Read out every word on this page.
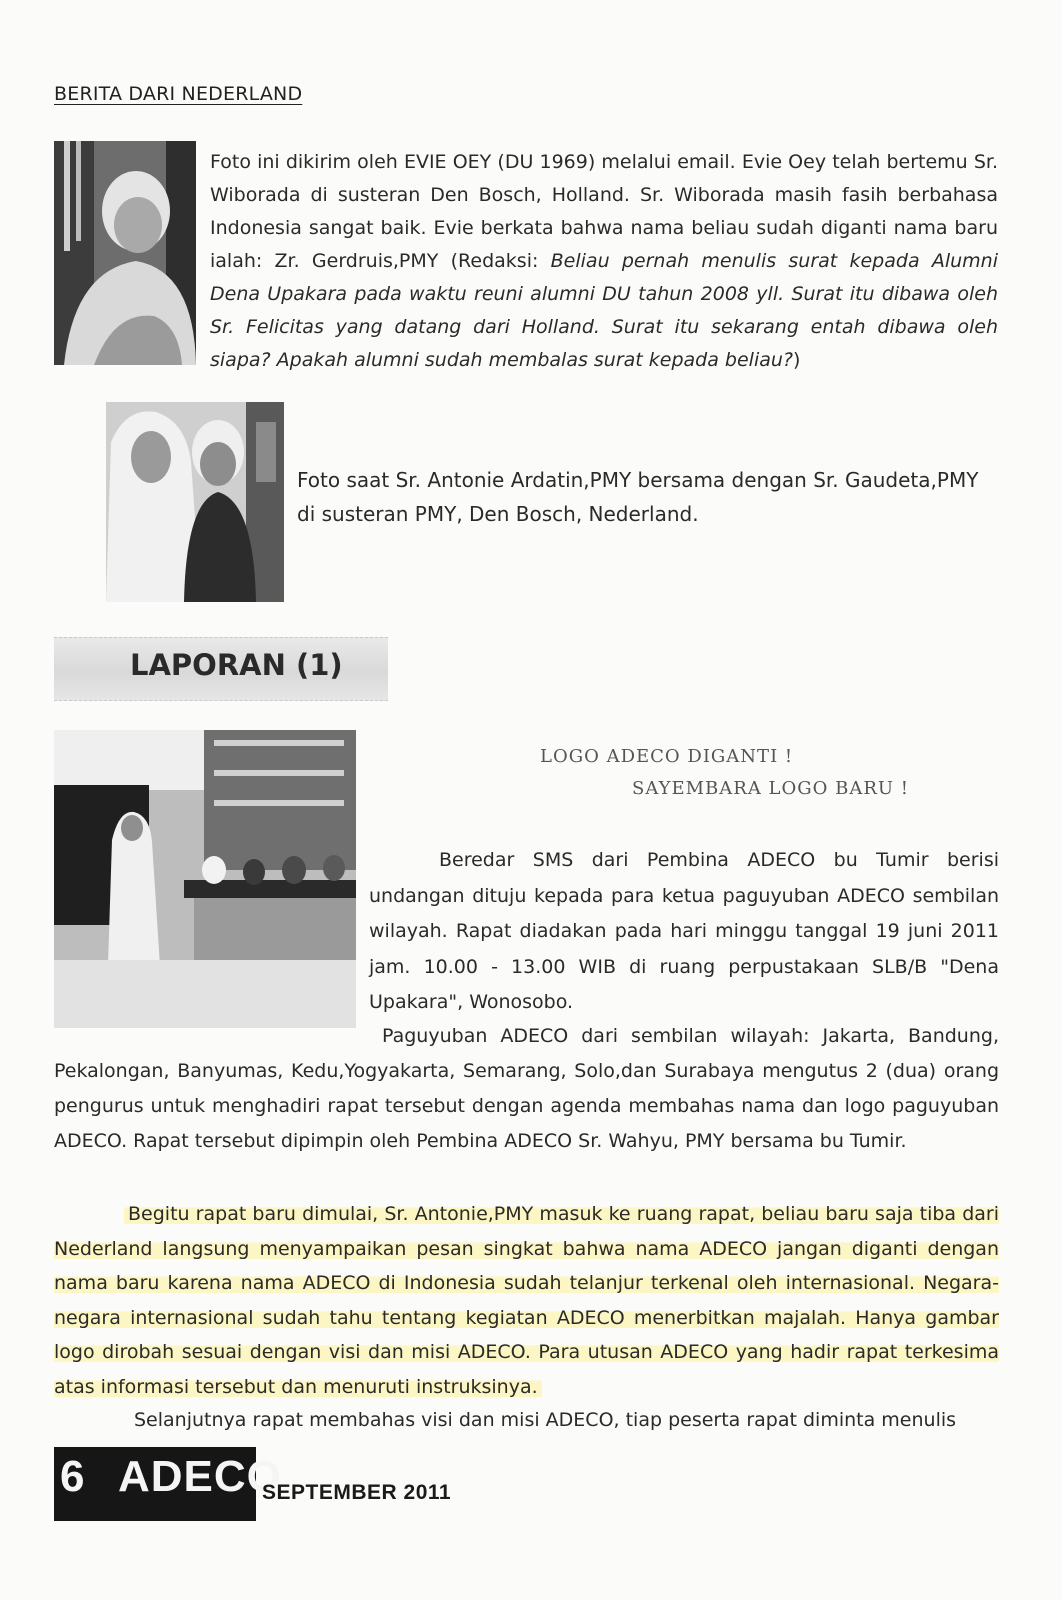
BERITA DARI NEDERLAND

Foto ini dikirim oleh EVIE OEY (DU 1969) melalui email. Evie Oey telah bertemu Sr. Wiborada di susteran Den Bosch, Holland. Sr. Wiborada masih fasih berbahasa Indonesia sangat baik. Evie berkata bahwa nama beliau sudah diganti nama baru ialah: Zr. Gerdruis,PMY (Redaksi: Beliau pernah menulis surat kepada Alumni Dena Upakara pada waktu reuni alumni DU tahun 2008 yll. Surat itu dibawa oleh Sr. Felicitas yang datang dari Holland. Surat itu sekarang entah dibawa oleh siapa? Apakah alumni sudah membalas surat kepada beliau?)

Foto saat Sr. Antonie Ardatin,PMY bersama dengan Sr. Gaudeta,PMY di susteran PMY, Den Bosch, Nederland.

LAPORAN (1)
LOGO ADECO DIGANTI !
SAYEMBARA LOGO BARU !

Beredar SMS dari Pembina ADECO bu Tumir berisi undangan dituju kepada para ketua paguyuban ADECO sembilan wilayah. Rapat diadakan pada hari minggu tanggal 19 juni 2011 jam. 10.00 - 13.00 WIB di ruang perpustakaan SLB/B "Dena Upakara", Wonosobo.

Paguyuban ADECO dari sembilan wilayah: Jakarta, Bandung, Pekalongan, Banyumas, Kedu,Yogyakarta, Semarang, Solo,dan Surabaya mengutus 2 (dua) orang pengurus untuk menghadiri rapat tersebut dengan agenda membahas nama dan logo paguyuban ADECO. Rapat tersebut dipimpin oleh Pembina ADECO Sr. Wahyu, PMY bersama bu Tumir.

Begitu rapat baru dimulai, Sr. Antonie,PMY masuk ke ruang rapat, beliau baru saja tiba dari Nederland langsung menyampaikan pesan singkat bahwa nama ADECO jangan diganti dengan nama baru karena nama ADECO di Indonesia sudah telanjur terkenal oleh internasional. Negara-negara internasional sudah tahu tentang kegiatan ADECO menerbitkan majalah. Hanya gambar logo dirobah sesuai dengan visi dan misi ADECO. Para utusan ADECO yang hadir rapat terkesima atas informasi tersebut dan menuruti instruksinya.

Selanjutnya rapat membahas visi dan misi ADECO, tiap peserta rapat diminta menulis

6 ADECO
SEPTEMBER 2011
